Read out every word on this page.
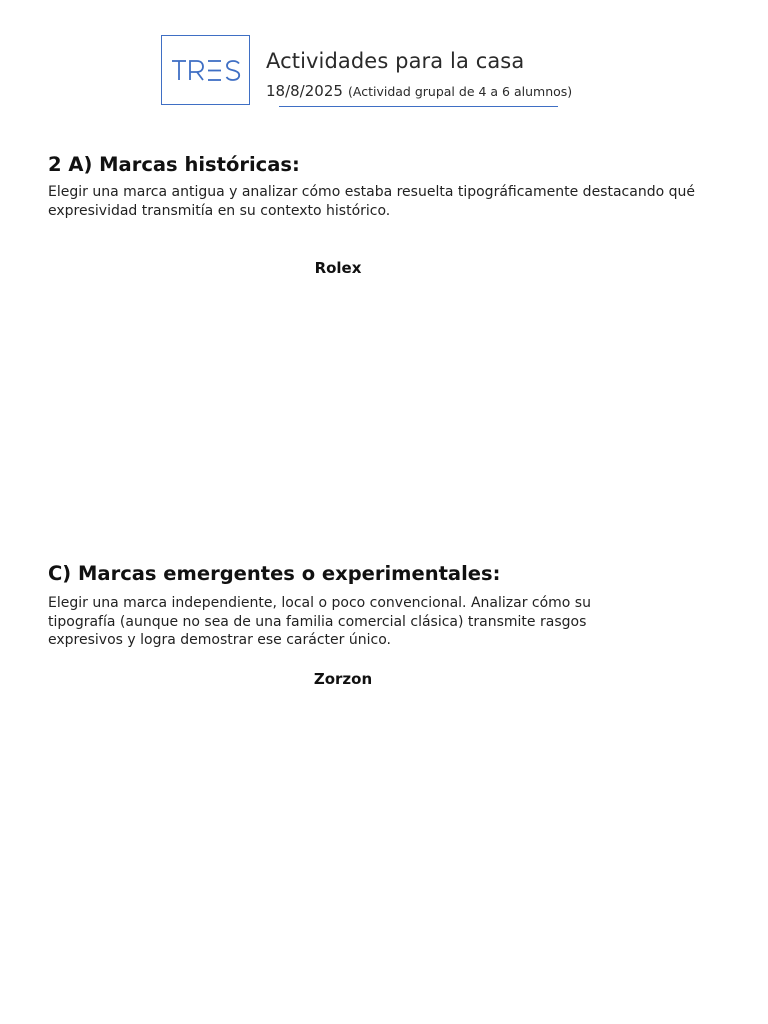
Actividades para la casa
18/8/2025 (Actividad grupal de 4 a 6 alumnos)
2 A) Marcas históricas:
Elegir una marca antigua y analizar cómo estaba resuelta tipográficamente destacando qué expresividad transmitía en su contexto histórico.
Rolex
C) Marcas emergentes o experimentales:
Elegir una marca independiente, local o poco convencional. Analizar cómo su tipografía (aunque no sea de una familia comercial clásica) transmite rasgos expresivos y logra demostrar ese carácter único.
Zorzon
